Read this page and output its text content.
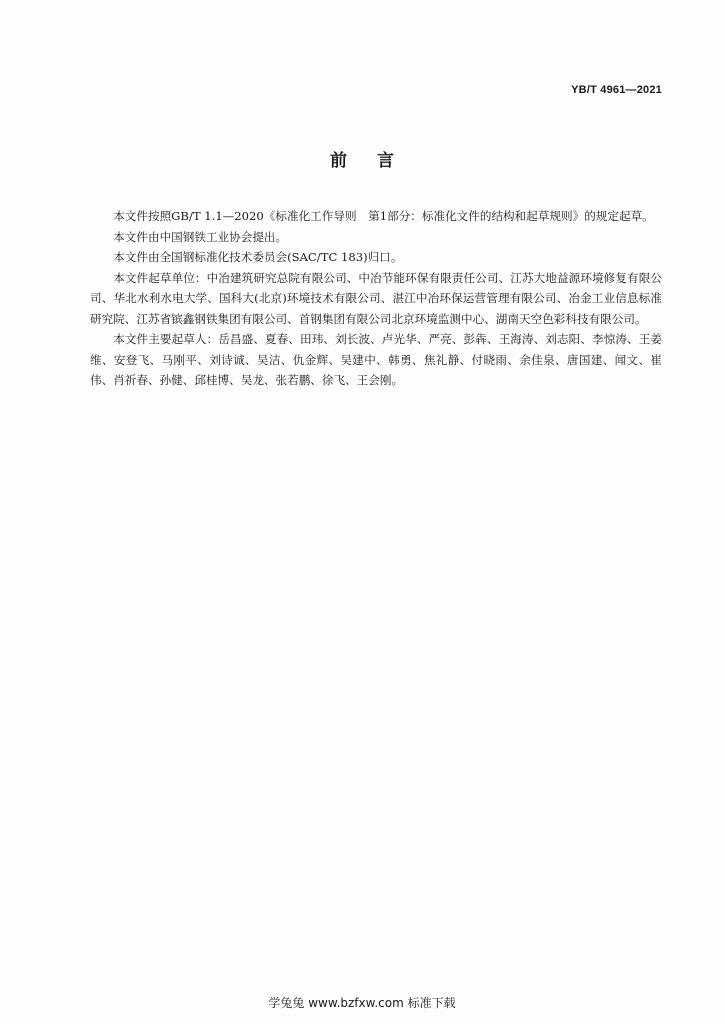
YB/T 4961—2021
前 言

本文件按照GB/T 1.1—2020《标准化工作导则　第1部分：标准化文件的结构和起草规则》的规定起草。

本文件由中国钢铁工业协会提出。

本文件由全国钢标准化技术委员会(SAC/TC 183)归口。

本文件起草单位：中冶建筑研究总院有限公司、中冶节能环保有限责任公司、江苏大地益源环境修复有限公司、华北水利水电大学、国科大(北京)环境技术有限公司、湛江中冶环保运营管理有限公司、冶金工业信息标准研究院、江苏省镔鑫钢铁集团有限公司、首钢集团有限公司北京环境监测中心、湖南天空色彩科技有限公司。

本文件主要起草人：岳昌盛、夏春、田玮、刘长波、卢光华、严亮、彭犇、王海涛、刘志阳、李惊涛、王姜维、安登飞、马刚平、刘诗诚、吴洁、仇金辉、吴建中、韩勇、焦礼静、付晓雨、余佳泉、唐国建、闻文、崔伟、肖祈春、孙健、邱桂博、吴龙、张若鹏、徐飞、王会刚。

学兔兔 www.bzfxw.com 标准下载
